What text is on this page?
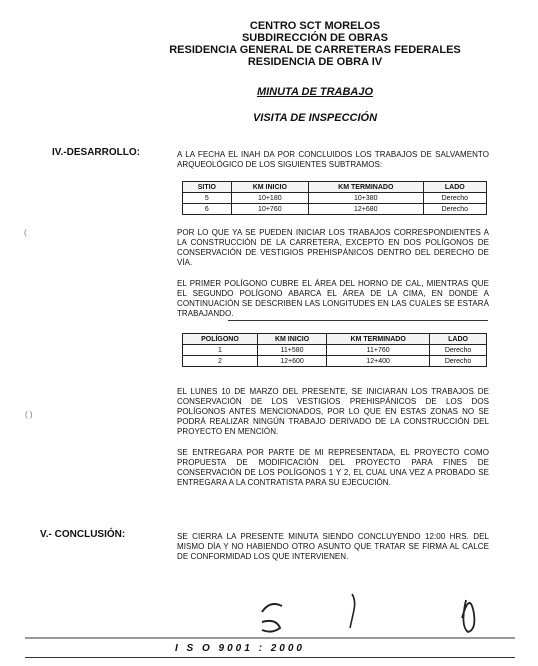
CENTRO SCT MORELOS
SUBDIRECCIÓN DE OBRAS
RESIDENCIA GENERAL DE CARRETERAS FEDERALES
RESIDENCIA DE OBRA IV
MINUTA DE TRABAJO
VISITA DE INSPECCIÓN
IV.-DESARROLLO:	A LA FECHA EL INAH DA POR CONCLUIDOS LOS TRABAJOS DE SALVAMENTO ARQUEOLÓGICO DE LOS SIGUIENTES SUBTRAMOS:
SITIO	KM INICIO	KM TERMINADO	LADO
5	10+180	10+380	Derecho
6	10+760	12+680	Derecho
POR LO QUE YA SE PUEDEN INICIAR LOS TRABAJOS CORRESPONDIENTES A LA CONSTRUCCIÓN DE LA CARRETERA, EXCEPTO EN DOS POLÍGONOS DE CONSERVACIÓN DE VESTIGIOS PREHISPÁNICOS DENTRO DEL DERECHO DE VÍA.
EL PRIMER POLÍGONO CUBRE EL ÁREA DEL HORNO DE CAL, MIENTRAS QUE EL SEGUNDO POLÍGONO ABARCA EL ÁREA DE LA CIMA, EN DONDE A CONTINUACIÓN SE DESCRIBEN LAS LONGITUDES EN LAS CUALES SE ESTARÁ TRABAJANDO.
POLÍGONO	KM INICIO	KM TERMINADO	LADO
1	11+580	11+760	Derecho
2	12+600	12+400	Derecho
EL LUNES 10 DE MARZO DEL PRESENTE, SE INICIARAN LOS TRABAJOS DE CONSERVACIÓN DE LOS VESTIGIOS PREHISPÁNICOS DE LOS DOS POLÍGONOS ANTES MENCIONADOS, POR LO QUE EN ESTAS ZONAS NO SE PODRÁ REALIZAR NINGÚN TRABAJO DERIVADO DE LA CONSTRUCCIÓN DEL PROYECTO EN MENCIÓN.
SE ENTREGARA POR PARTE DE MI REPRESENTADA, EL PROYECTO COMO PROPUESTA DE MODIFICACIÓN DEL PROYECTO PARA FINES DE CONSERVACIÓN DE LOS POLÍGONOS 1 Y 2, EL CUAL UNA VEZ A PROBADO SE ENTREGARA A LA CONTRATISTA PARA SU EJECUCIÓN.
V.- CONCLUSIÓN:	SE CIERRA LA PRESENTE MINUTA SIENDO CONCLUYENDO 12:00 HRS. DEL MISMO DÍA Y NO HABIENDO OTRO ASUNTO QUE TRATAR SE FIRMA AL CALCE DE CONFORMIDAD LOS QUE INTERVIENEN.
I S O 9001 : 2000
( )
(
